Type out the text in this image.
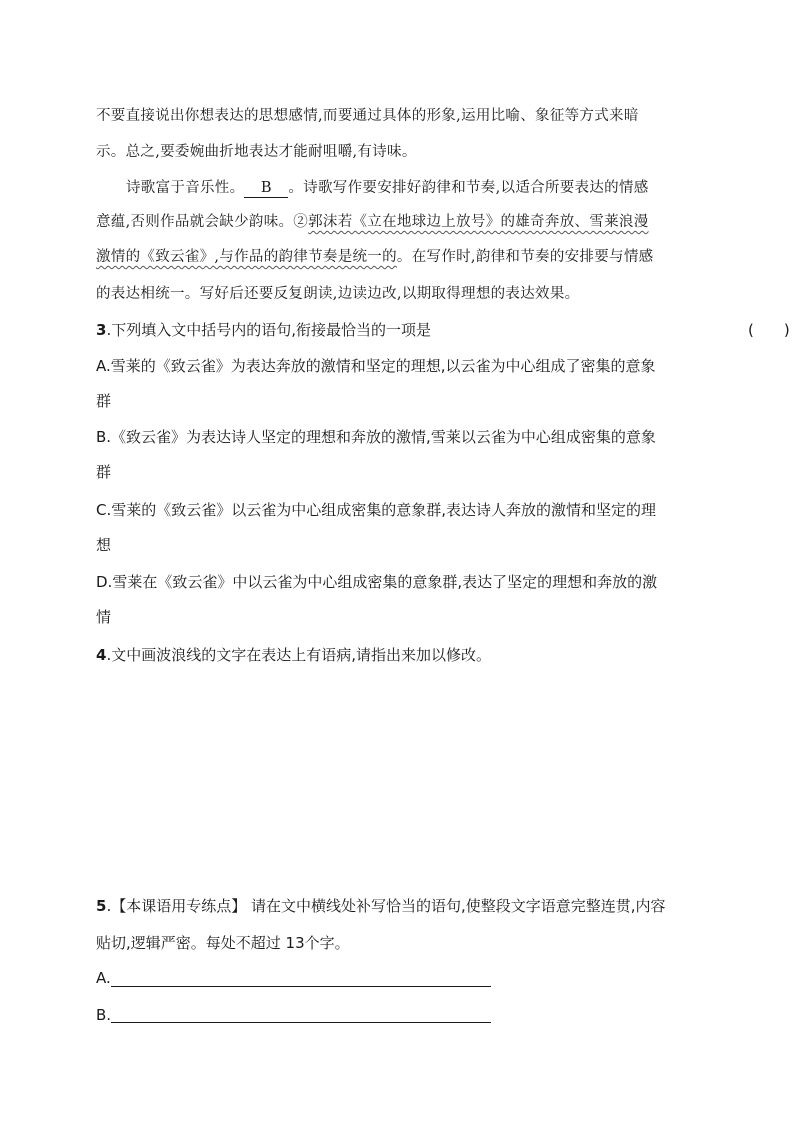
不要直接说出你想表达的思想感情,而要通过具体的形象,运用比喻、象征等方式来暗
示。总之,要委婉曲折地表达才能耐咀嚼,有诗味。
诗歌富于音乐性。 B 。诗歌写作要安排好韵律和节奏,以适合所要表达的情感
意蕴,否则作品就会缺少韵味。②郭沫若《立在地球边上放号》的雄奇奔放、雪莱浪漫
激情的《致云雀》,与作品的韵律节奏是统一的。在写作时,韵律和节奏的安排要与情感
的表达相统一。写好后还要反复朗读,边读边改,以期取得理想的表达效果。
3.下列填入文中括号内的语句,衔接最恰当的一项是	(　　)
A.雪莱的《致云雀》为表达奔放的激情和坚定的理想,以云雀为中心组成了密集的意象
群
B.《致云雀》为表达诗人坚定的理想和奔放的激情,雪莱以云雀为中心组成密集的意象
群
C.雪莱的《致云雀》以云雀为中心组成密集的意象群,表达诗人奔放的激情和坚定的理
想
D.雪莱在《致云雀》中以云雀为中心组成密集的意象群,表达了坚定的理想和奔放的激
情
4.文中画波浪线的文字在表达上有语病,请指出来加以修改。
5.【本课语用专练点】 请在文中横线处补写恰当的语句,使整段文字语意完整连贯,内容
贴切,逻辑严密。每处不超过 13个字。
A.
B.
